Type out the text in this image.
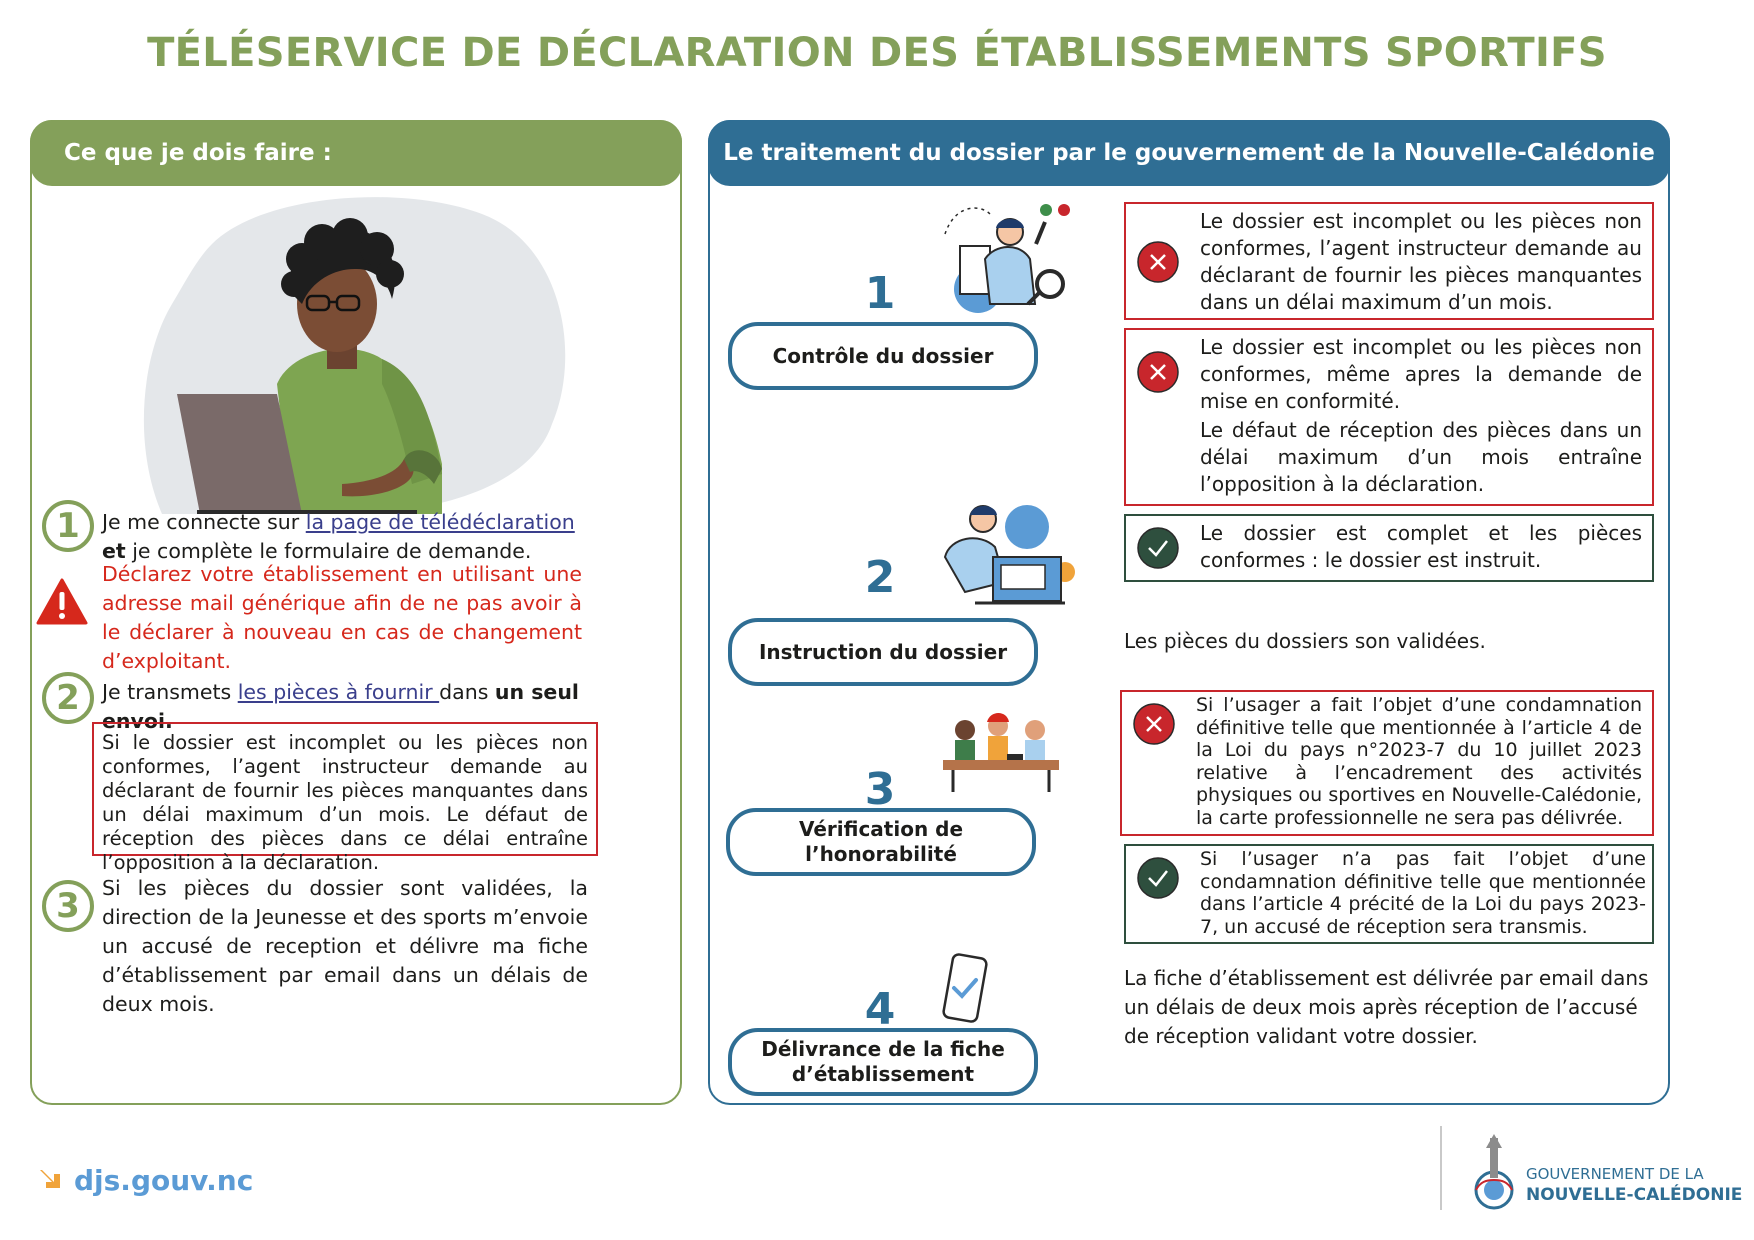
TÉLÉSERVICE DE DÉCLARATION DES ÉTABLISSEMENTS SPORTIFS
Ce que je dois faire :
1	Je me connecte sur la page de télédéclaration
et je complète le formulaire de demande.
Déclarez votre établissement en utilisant une adresse mail générique afin de ne pas avoir à le déclarer à nouveau en cas de changement d’exploitant.
2	Je transmets les pièces à fournir dans un seul envoi.
Si le dossier est incomplet ou les pièces non conformes, l’agent instructeur demande au déclarant de fournir les pièces manquantes dans un délai maximum d’un mois. Le défaut de réception des pièces dans ce délai entraîne l’opposition à la déclaration.
3	Si les pièces du dossier sont validées, la direction de la Jeunesse et des sports m’envoie un accusé de reception et délivre ma fiche d’établissement par email dans un délais de deux mois.
Le traitement du dossier par le gouvernement de la Nouvelle-Calédonie
1
Contrôle du dossier
2
Instruction du dossier
3
Vérification de l’honorabilité
4
Délivrance de la fiche d’établissement
Le dossier est incomplet ou les pièces non conformes, l’agent instructeur demande au déclarant de fournir les pièces manquantes dans un délai maximum d’un mois.
Le dossier est incomplet ou les pièces non conformes, même apres la demande de mise en conformité.
Le défaut de réception des pièces dans un délai maximum d’un mois entraîne l’opposition à la déclaration.
Le dossier est complet et les pièces conformes : le dossier est instruit.
Les pièces du dossiers son validées.
Si l’usager a fait l’objet d’une condamnation définitive telle que mentionnée à l’article 4 de la Loi du pays n°2023-7 du 10 juillet 2023 relative à l’encadrement des activités physiques ou sportives en Nouvelle-Calédonie, la carte professionnelle ne sera pas délivrée.
Si l’usager n’a pas fait l’objet d’une condamnation définitive telle que mentionnée dans l’article 4 précité de la Loi du pays 2023-7, un accusé de réception sera transmis.
La fiche d’établissement est délivrée par email dans un délais de deux mois après réception de l’accusé de réception validant votre dossier.
djs.gouv.nc	GOUVERNEMENT DE LA
NOUVELLE-CALÉDONIE
